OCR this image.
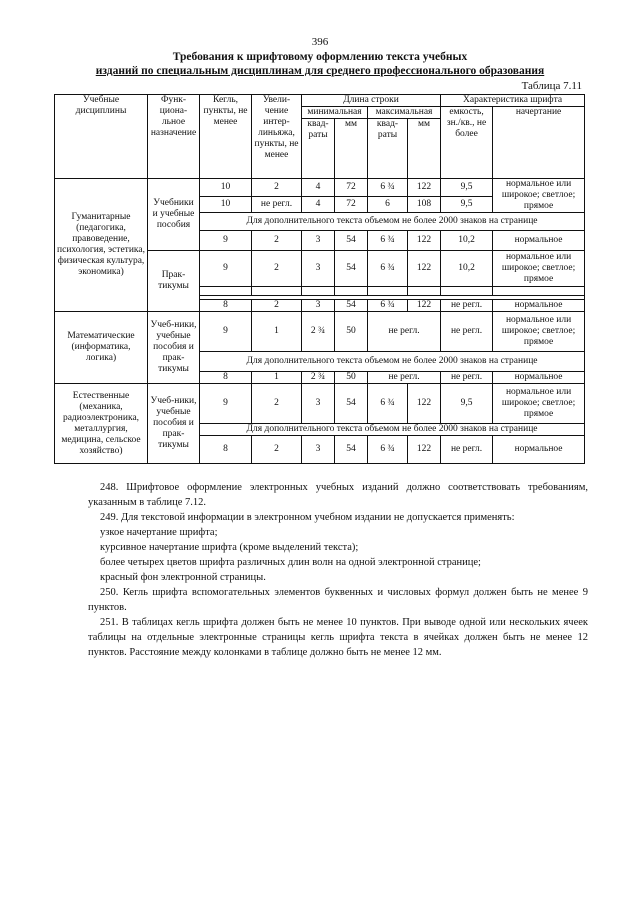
396
Требования к шрифтовому оформлению текста учебных
изданий по специальным дисциплинам для среднего профессионального образования
Таблица 7.11
Учебные дисциплины	Функ-циона-льное назначение	Кегль, пункты, не менее	Увели-чение интер-линьяжа, пункты, не менее	Длина строки				Характеристика шрифта	
				минимальная		максимальная		емкость, зн./кв., не более	начертание
				квад-раты	мм	квад-раты	мм		
Гуманитарные (педагогика, правоведение, психология, эстетика, физическая культура, экономика)	Учебники и учебные пособия	10	2	4	72	6 ¾	122	9,5	нормальное или широкое; светлое; прямое
		10	не регл.	4	72	6	108	9,5	
		Для дополнительного текста объемом не более 2000 знаков на странице							
		9	2	3	54	6 ¾	122	10,2	нормальное
	Прак-тикумы	9	2	3	54	6 ¾	122	10,2	нормальное или широкое; светлое; прямое

		8	2	3	54	6 ¾	122	не регл.	нормальное
Математические (информатика, логика)	Учеб-ники, учебные пособия и прак-тикумы	9	1	2 ¾	50	не регл.		не регл.	нормальное или широкое; светлое; прямое
		Для дополнительного текста объемом не более 2000 знаков на странице							
		8	1	2 ¾	50	не регл.		не регл.	нормальное
Естественные (механика, радиоэлектроника, металлургия, медицина, сельское хозяйство)	Учеб-ники, учебные пособия и прак-тикумы	9	2	3	54	6 ¾	122	9,5	нормальное или широкое; светлое; прямое
		Для дополнительного текста объемом не более 2000 знаков на странице							
		8	2	3	54	6 ¾	122	не регл.	нормальное

248. Шрифтовое оформление электронных учебных изданий должно соответствовать требованиям, указанным в таблице 7.12.

249. Для текстовой информации в электронном учебном издании не допускается применять:

узкое начертание шрифта;

курсивное начертание шрифта (кроме выделений текста);

более четырех цветов шрифта различных длин волн на одной электронной странице;

красный фон электронной страницы.

250. Кегль шрифта вспомогательных элементов буквенных и числовых формул должен быть не менее 9 пунктов.

251. В таблицах кегль шрифта должен быть не менее 10 пунктов. При выводе одной или нескольких ячеек таблицы на отдельные электронные страницы кегль шрифта текста в ячейках должен быть не менее 12 пунктов. Расстояние между колонками в таблице должно быть не менее 12 мм.
